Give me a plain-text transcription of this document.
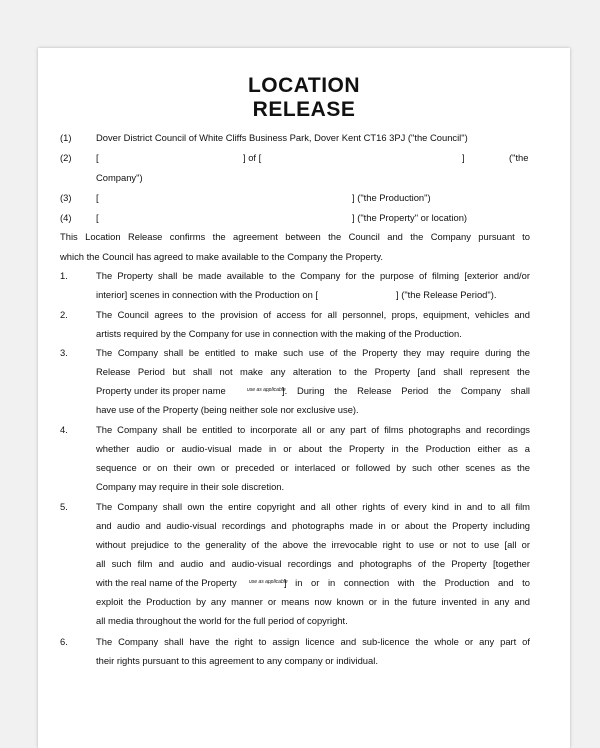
LOCATION
RELEASE
(1)	Dover District Council of White Cliffs Business Park, Dover Kent CT16 3PJ ("the Council")
(2)	[	] of [	]	("the
Company")
(3)	[	] ("the Production")
(4)	[	] ("the Property" or location)
This Location Release confirms the agreement between the Council and the Company pursuant to
which the Council has agreed to make available to the Company the Property.
1.	The Property shall be made available to the Company for the purpose of filming [exterior and/or
interior] scenes in connection with the Production on [	] ("the Release Period").
2.	The Council agrees to the provision of access for all personnel, props, equipment, vehicles and
artists required by the Company for use in connection with the making of the Production.
3.	The Company shall be entitled to make such use of the Property they may require during the
Release Period but shall not make any alteration to the Property [and shall represent the
Property under its proper name	use as applicable
]. During the Release Period the Company shall
have use of the Property (being neither sole nor exclusive use).
4.	The Company shall be entitled to incorporate all or any part of films photographs and recordings
whether audio or audio-visual made in or about the Property in the Production either as a
sequence or on their own or preceded or interlaced or followed by such other scenes as the
Company may require in their sole discretion.
5.	The Company shall own the entire copyright and all other rights of every kind in and to all film
and audio and audio-visual recordings and photographs made in or about the Property including
without prejudice to the generality of the above the irrevocable right to use or not to use [all or
all such film and audio and audio-visual recordings and photographs of the Property [together
with the real name of the Property use as applicable
] in or in connection with the Production and to
exploit the Production by any manner or means now known or in the future invented in any and
all media throughout the world for the full period of copyright.
6.	The Company shall have the right to assign licence and sub-licence the whole or any part of
their rights pursuant to this agreement to any company or individual.
